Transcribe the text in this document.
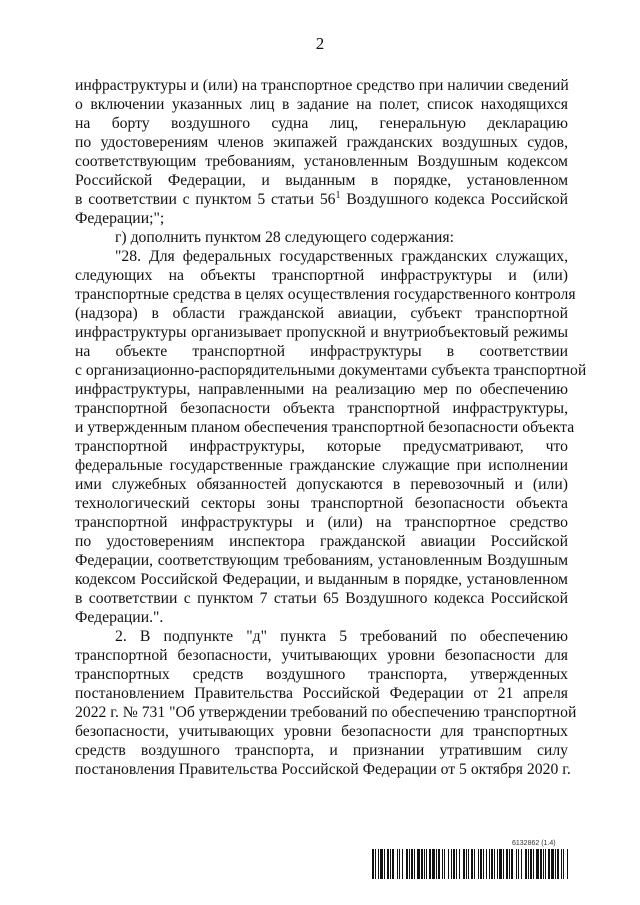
2
инфраструктуры и (или) на транспортное средство при наличии сведений
о включении указанных лиц в задание на полет, список находящихся
на борту воздушного судна лиц, генеральную декларацию
по удостоверениям членов экипажей гражданских воздушных судов,
соответствующим требованиям, установленным Воздушным кодексом
Российской Федерации, и выданным в порядке, установленном
в соответствии с пунктом 5 статьи $56^1$ Воздушного кодекса Российской
Федерации;";
г) дополнить пунктом 28 следующего содержания:
"28. Для федеральных государственных гражданских служащих,
следующих на объекты транспортной инфраструктуры и (или)
транспортные средства в целях осуществления государственного контроля
(надзора) в области гражданской авиации, субъект транспортной
инфраструктуры организывает пропускной и внутриобъектовый режимы
на объекте транспортной инфраструктуры в соответствии
с организационно-распорядительными документами субъекта транспортной
инфраструктуры, направленными на реализацию мер по обеспечению
транспортной безопасности объекта транспортной инфраструктуры,
и утвержденным планом обеспечения транспортной безопасности объекта
транспортной инфраструктуры, которые предусматривают, что
федеральные государственные гражданские служащие при исполнении
ими служебных обязанностей допускаются в перевозочный и (или)
технологический секторы зоны транспортной безопасности объекта
транспортной инфраструктуры и (или) на транспортное средство
по удостоверениям инспектора гражданской авиации Российской
Федерации, соответствующим требованиям, установленным Воздушным
кодексом Российской Федерации, и выданным в порядке, установленном
в соответствии с пунктом 7 статьи 65 Воздушного кодекса Российской
Федерации.".
2. В подпункте "д" пункта 5 требований по обеспечению
транспортной безопасности, учитывающих уровни безопасности для
транспортных средств воздушного транспорта, утвержденных
постановлением Правительства Российской Федерации от 21 апреля
2022 г. № 731 "Об утверждении требований по обеспечению транспортной
безопасности, учитывающих уровни безопасности для транспортных
средств воздушного транспорта, и признании утратившим силу
постановления Правительства Российской Федерации от 5 октября 2020 г.
6132862 (1.4)
